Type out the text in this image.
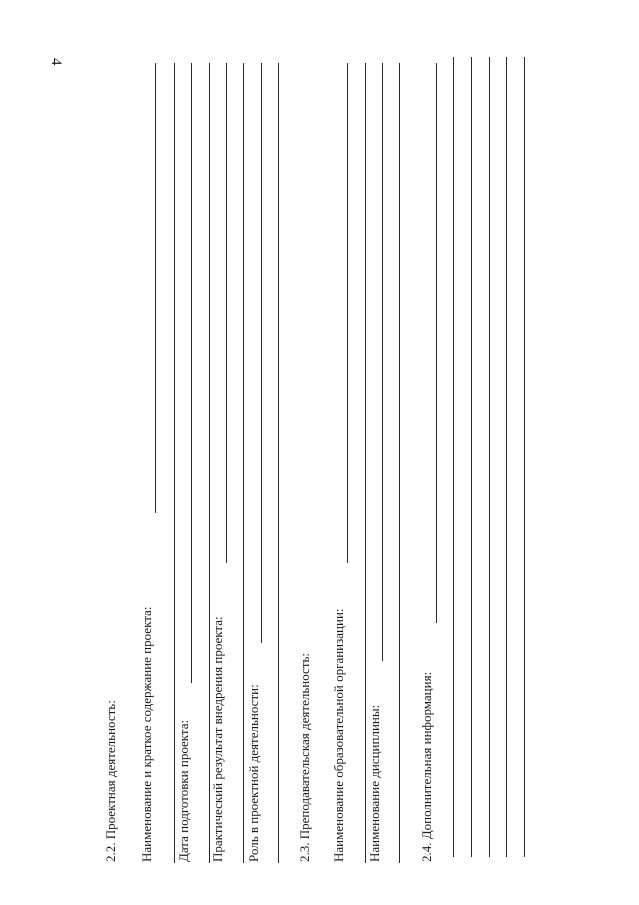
4
2.2. Проектная деятельность: Наименование и краткое содержание проекта: Дата подготовки проекта: Практический результат внедрения проекта: Роль в проектной деятельности:	2.3. Преподавательская деятельность: Наименование образовательной организации: Наименование дисциплины:	2.4. Дополнительная информация:
